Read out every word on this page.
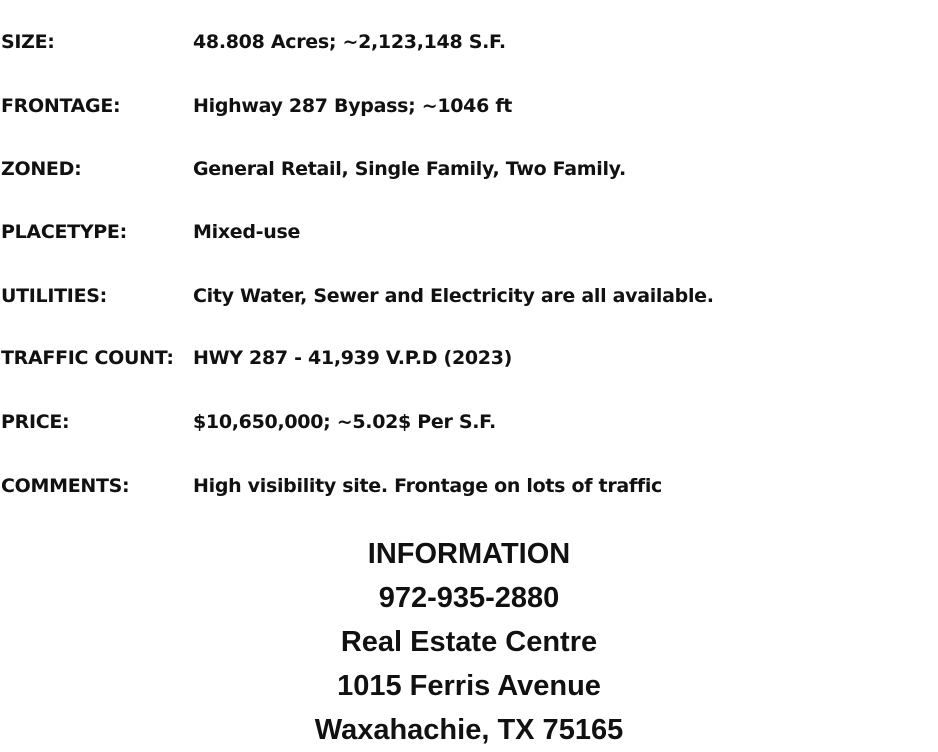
SIZE:	48.808 Acres; ~2,123,148 S.F.
FRONTAGE:	Highway 287 Bypass; ~1046 ft
ZONED:	General Retail, Single Family, Two Family.
PLACETYPE:	Mixed-use
UTILITIES:	City Water, Sewer and Electricity are all available.
TRAFFIC COUNT: HWY 287 - 41,939 V.P.D (2023)
PRICE:	$10,650,000; ~5.02$ Per S.F.
COMMENTS:	High visibility site. Frontage on lots of traffic
INFORMATION
972-935-2880
Real Estate Centre
1015 Ferris Avenue
Waxahachie, TX 75165
